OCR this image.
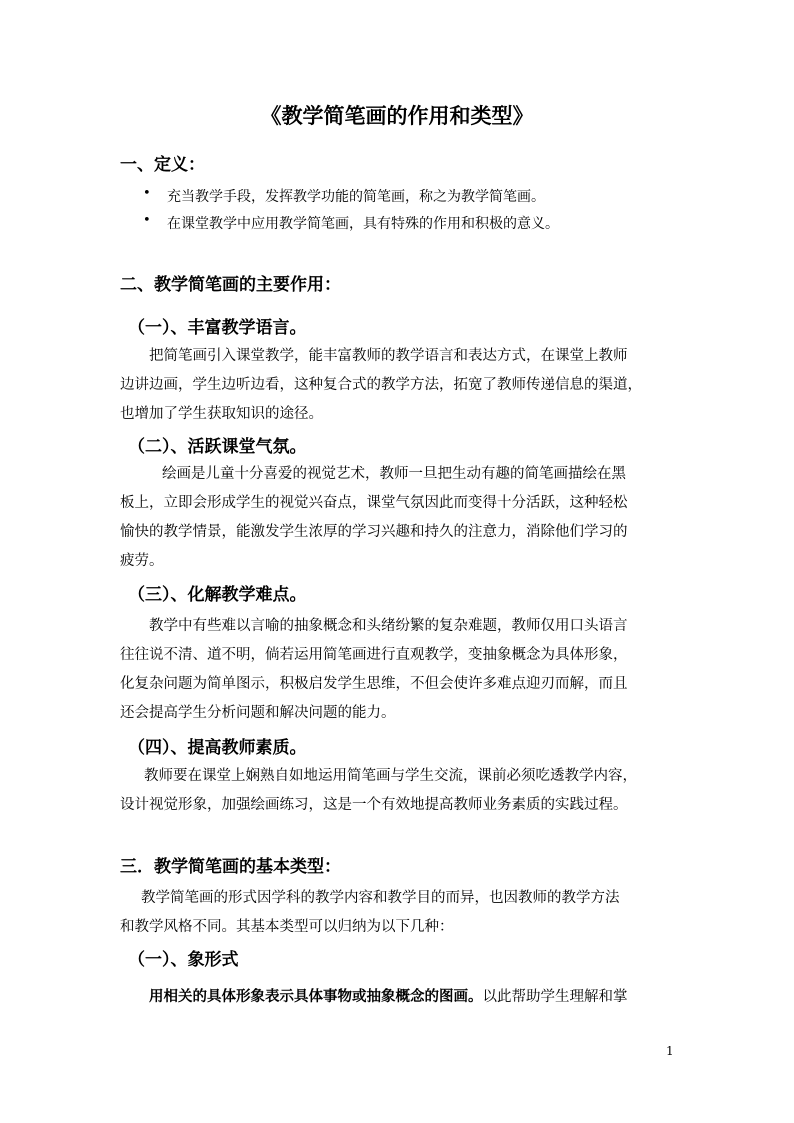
《教学简笔画的作用和类型》
一、定义：
• 充当教学手段，发挥教学功能的简笔画，称之为教学简笔画。
• 在课堂教学中应用教学简笔画，具有特殊的作用和积极的意义。
二、教学简笔画的主要作用：
（一）、丰富教学语言。

把简笔画引入课堂教学，能丰富教师的教学语言和表达方式，在课堂上教师

边讲边画，学生边听边看，这种复合式的教学方法，拓宽了教师传递信息的渠道，

也增加了学生获取知识的途径。

（二）、活跃课堂气氛。

绘画是儿童十分喜爱的视觉艺术，教师一旦把生动有趣的简笔画描绘在黑

板上，立即会形成学生的视觉兴奋点，课堂气氛因此而变得十分活跃，这种轻松

愉快的教学情景，能激发学生浓厚的学习兴趣和持久的注意力，消除他们学习的

疲劳。

（三）、化解教学难点。

教学中有些难以言喻的抽象概念和头绪纷繁的复杂难题，教师仅用口头语言

往往说不清、道不明，倘若运用简笔画进行直观教学，变抽象概念为具体形象，

化复杂问题为简单图示，积极启发学生思维，不但会使许多难点迎刃而解，而且

还会提高学生分析问题和解决问题的能力。

（四）、提高教师素质。

教师要在课堂上娴熟自如地运用简笔画与学生交流，课前必须吃透教学内容，

设计视觉形象，加强绘画练习，这是一个有效地提高教师业务素质的实践过程。

三．教学简笔画的基本类型：

教学简笔画的形式因学科的教学内容和教学目的而异，也因教师的教学方法

和教学风格不同。其基本类型可以归纳为以下几种：

（一）、象形式

用相关的具体形象表示具体事物或抽象概念的图画。以此帮助学生理解和掌

1
